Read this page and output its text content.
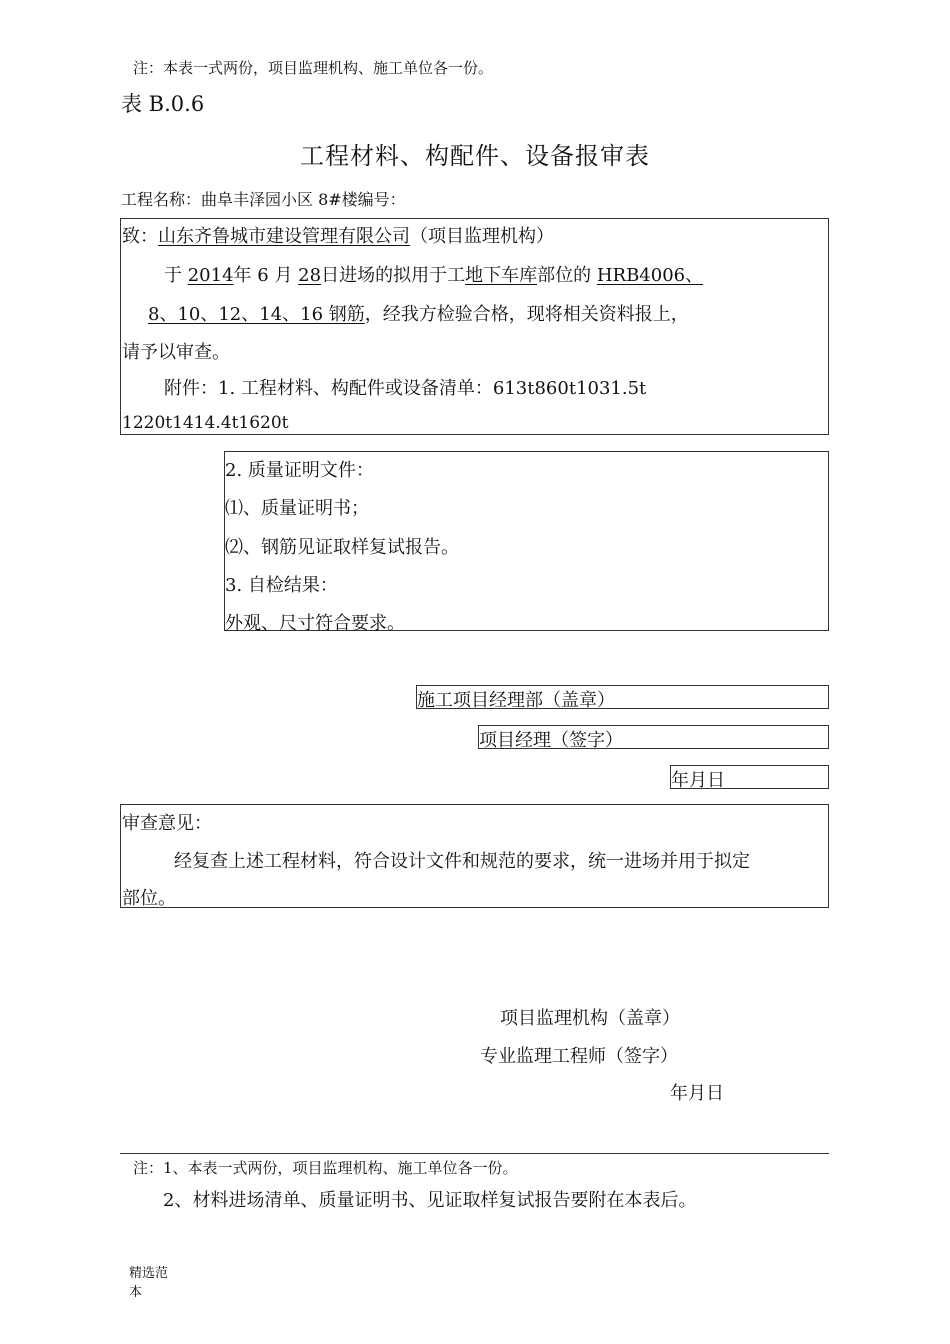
注：本表一式两份，项目监理机构、施工单位各一份。
表 B.0.6
工程材料、构配件、设备报审表
工程名称：曲阜丰泽园小区 8#楼编号：
致：山东齐鲁城市建设管理有限公司（项目监理机构）
于 2014年 6 月 28日进场的拟用于工地下车库部位的 HRB4006、
8、10、12、14、16 钢筋，经我方检验合格，现将相关资料报上，
请予以审查。
附件：1. 工程材料、构配件或设备清单：613t860t1031.5t
1220t1414.4t1620t
2. 质量证明文件：
⑴、质量证明书；
⑵、钢筋见证取样复试报告。
3. 自检结果：
外观、尺寸符合要求。
施工项目经理部（盖章）
项目经理（签字）
年月日
审查意见：
经复查上述工程材料，符合设计文件和规范的要求，统一进场并用于拟定
部位。
项目监理机构（盖章）
专业监理工程师（签字）
年月日
注：1、本表一式两份，项目监理机构、施工单位各一份。
2、材料进场清单、质量证明书、见证取样复试报告要附在本表后。
精选范
本
